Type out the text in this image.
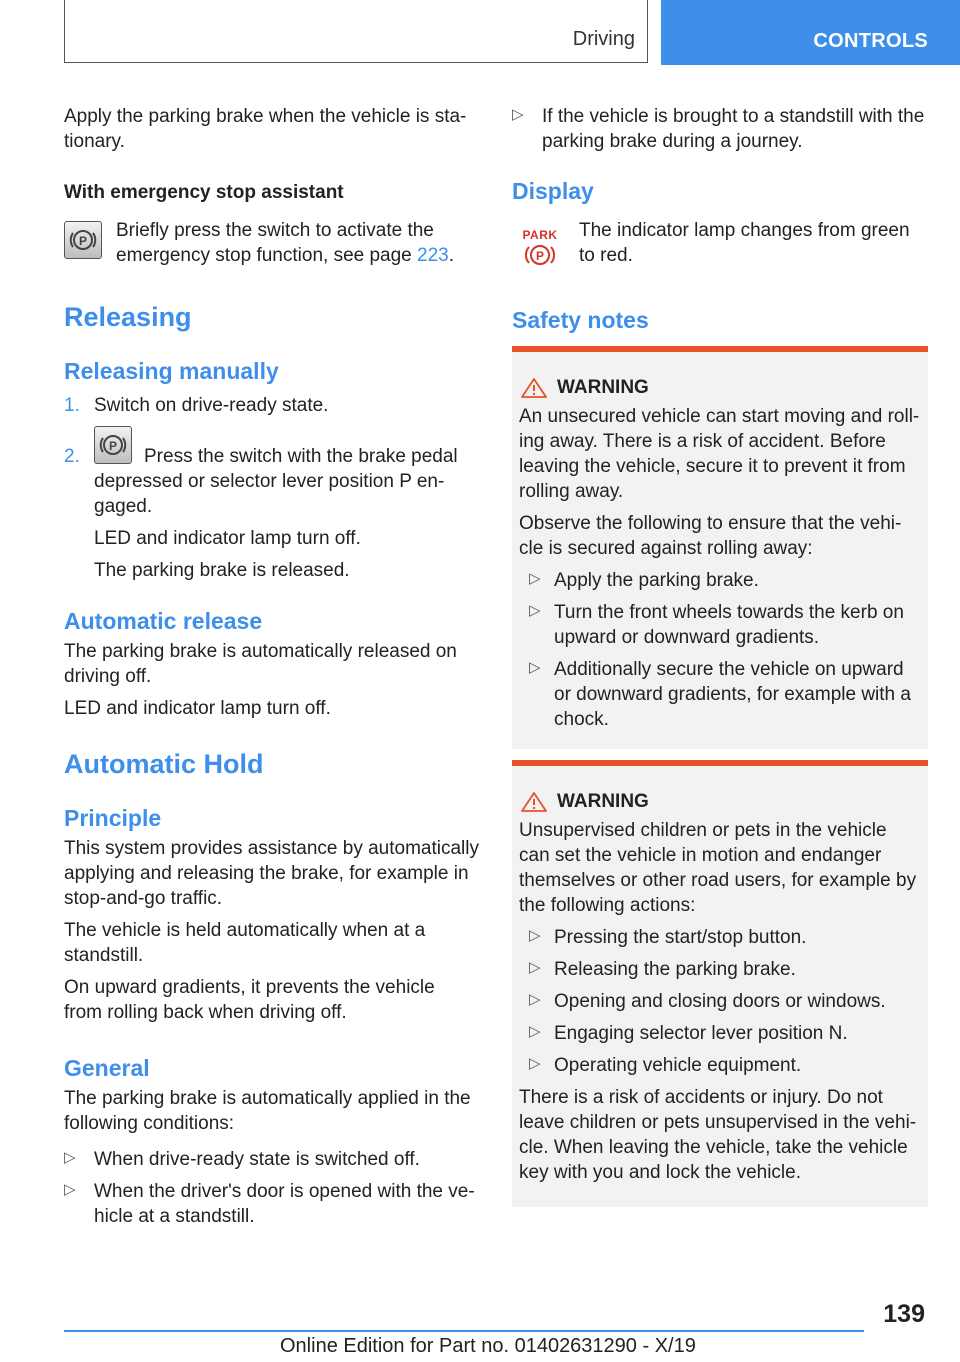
Driving	CONTROLS

Apply the parking brake when the vehicle is sta-

tionary.

With emergency stop assistant

P Briefly press the switch to activate the

emergency stop function, see page 223.

Releasing

Releasing manually

1. Switch on drive-ready state.

2. P Press the switch with the brake pedal

depressed or selector lever position P en-

gaged.

LED and indicator lamp turn off.

The parking brake is released.

Automatic release

The parking brake is automatically released on

driving off.

LED and indicator lamp turn off.

Automatic Hold

Principle

This system provides assistance by automatically

applying and releasing the brake, for example in

stop-and-go traffic.

The vehicle is held automatically when at a

standstill.

On upward gradients, it prevents the vehicle

from rolling back when driving off.

General

The parking brake is automatically applied in the

following conditions:

▷ When drive-ready state is switched off.

▷ When the driver's door is opened with the ve-

hicle at a standstill.

▷ If the vehicle is brought to a standstill with the

parking brake during a journey.

Display

PARK
P

The indicator lamp changes from green

to red.

Safety notes

WARNING

An unsecured vehicle can start moving and roll-

ing away. There is a risk of accident. Before

leaving the vehicle, secure it to prevent it from

rolling away.

Observe the following to ensure that the vehi-

cle is secured against rolling away:

▷ Apply the parking brake.

▷ Turn the front wheels towards the kerb on

upward or downward gradients.

▷ Additionally secure the vehicle on upward

or downward gradients, for example with a

chock.

WARNING

Unsupervised children or pets in the vehicle

can set the vehicle in motion and endanger

themselves or other road users, for example by

the following actions:

▷ Pressing the start/stop button.

▷ Releasing the parking brake.

▷ Opening and closing doors or windows.

▷ Engaging selector lever position N.

▷ Operating vehicle equipment.

There is a risk of accidents or injury. Do not

leave children or pets unsupervised in the vehi-

cle. When leaving the vehicle, take the vehicle

key with you and lock the vehicle.

139
Online Edition for Part no. 01402631290 - X/19
